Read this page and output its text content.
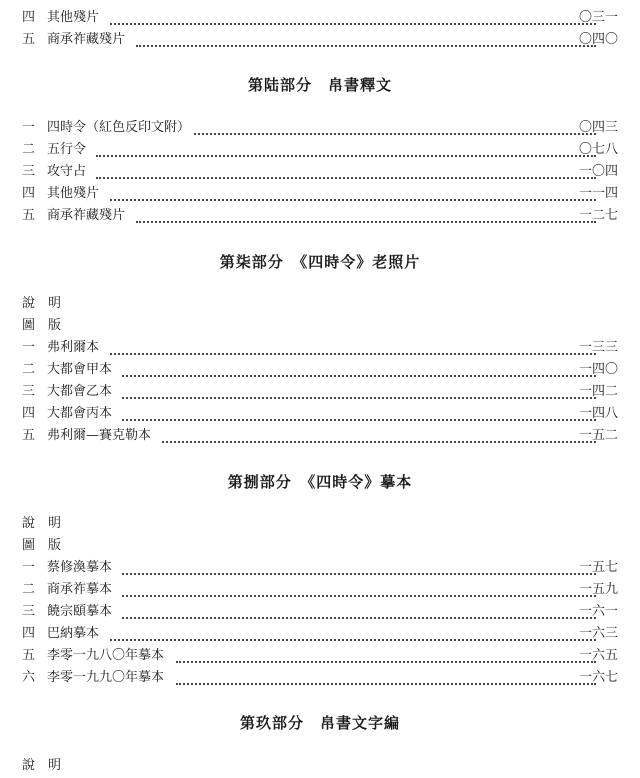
四 其他殘片	〇三一
五 商承祚藏殘片	〇四〇
第陆部分　帛書釋文
一 四時令（紅色反印文附）	〇四三
二 五行令	〇七八
三 攻守占	一〇四
四 其他殘片	一一四
五 商承祚藏殘片	一二七
第柒部分　《四時令》老照片
說　明
圖　版
一 弗利爾本	一三三
二 大都會甲本	一四〇
三 大都會乙本	一四二
四 大都會丙本	一四八
五 弗利爾—賽克勒本	一五二
第捌部分　《四時令》摹本
說　明
圖　版
一 蔡修渙摹本	一五七
二 商承祚摹本	一五九
三 饒宗頤摹本	一六一
四 巴納摹本	一六三
五 李零一九八〇年摹本	一六五
六 李零一九九〇年摹本	一六七
第玖部分　帛書文字編
說　明
